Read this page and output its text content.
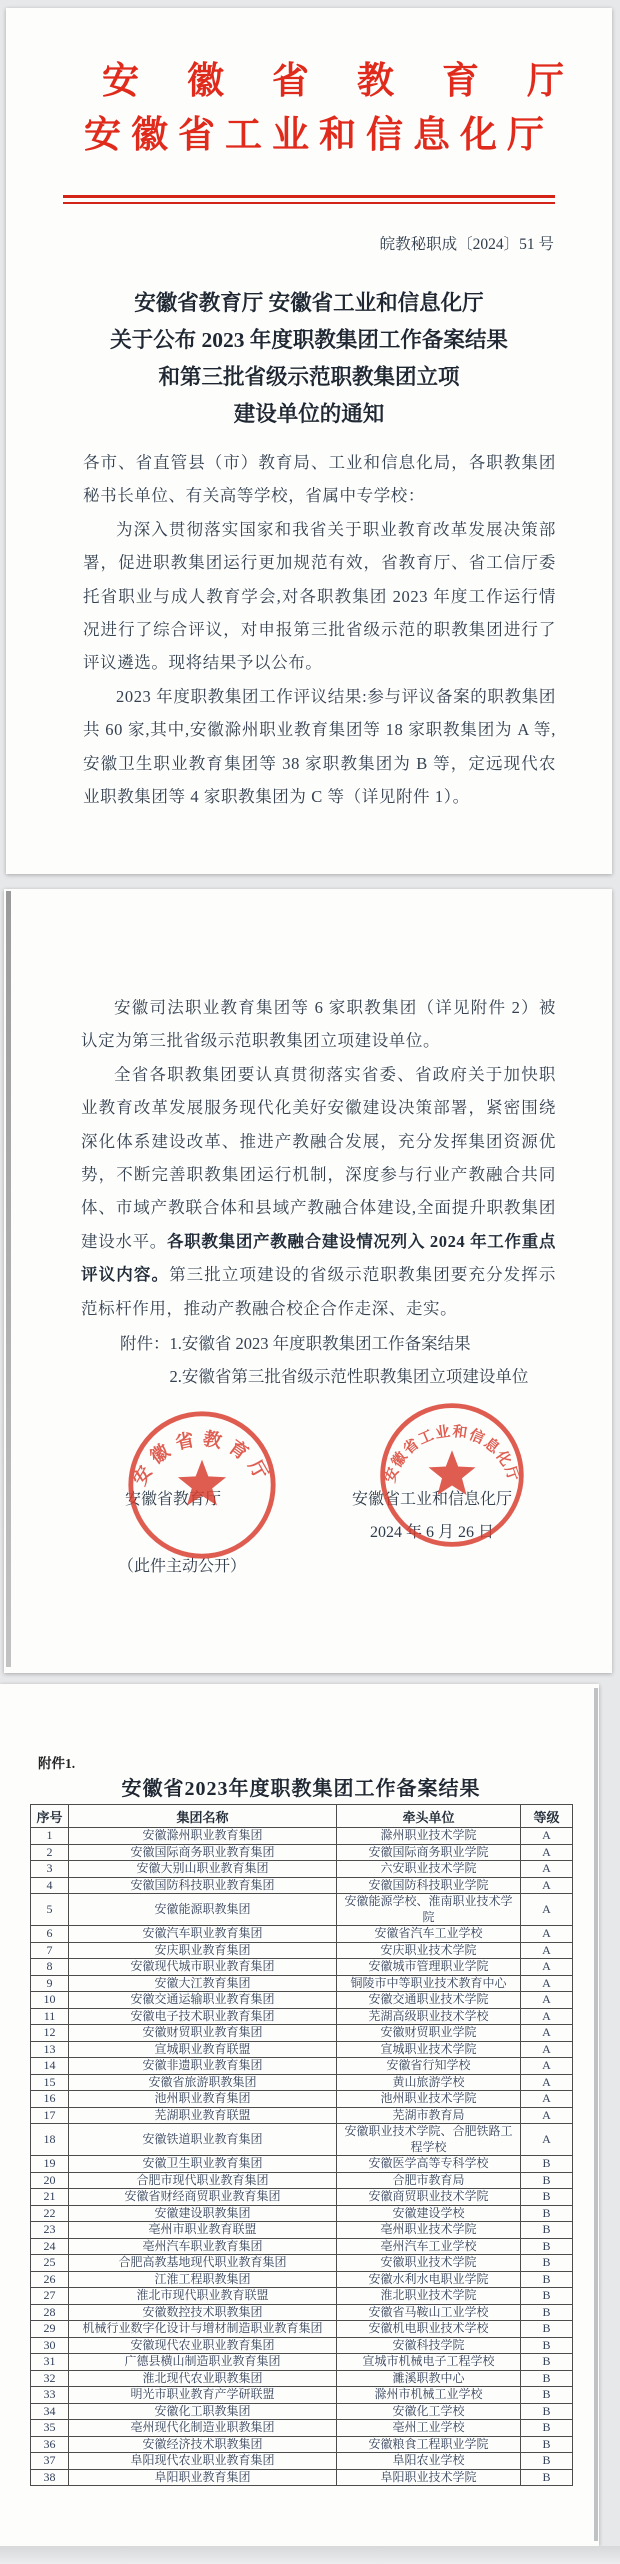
安徽省教育厅
安徽省工业和信息化厅
皖教秘职成〔2024〕51 号
安徽省教育厅 安徽省工业和信息化厅
关于公布 2023 年度职教集团工作备案结果
和第三批省级示范职教集团立项
建设单位的通知

各市、省直管县（市）教育局、工业和信息化局，各职教集团秘书长单位、有关高等学校，省属中专学校：

为深入贯彻落实国家和我省关于职业教育改革发展决策部署，促进职教集团运行更加规范有效，省教育厅、省工信厅委托省职业与成人教育学会,对各职教集团 2023 年度工作运行情况进行了综合评议，对申报第三批省级示范的职教集团进行了评议遴选。现将结果予以公布。

2023 年度职教集团工作评议结果:参与评议备案的职教集团共 60 家,其中,安徽滁州职业教育集团等 18 家职教集团为 A 等,安徽卫生职业教育集团等 38 家职教集团为 B 等，定远现代农业职教集团等 4 家职教集团为 C 等（详见附件 1）。

安徽司法职业教育集团等 6 家职教集团（详见附件 2）被认定为第三批省级示范职教集团立项建设单位。

全省各职教集团要认真贯彻落实省委、省政府关于加快职业教育改革发展服务现代化美好安徽建设决策部署，紧密围绕深化体系建设改革、推进产教融合发展，充分发挥集团资源优势，不断完善职教集团运行机制，深度参与行业产教融合共同体、市域产教联合体和县域产教融合体建设,全面提升职教集团建设水平。各职教集团产教融合建设情况列入 2024 年工作重点评议内容。第三批立项建设的省级示范职教集团要充分发挥示范标杆作用，推动产教融合校企合作走深、走实。

附件： 1.安徽省 2023 年度职教集团工作备案结果
2.安徽省第三批省级示范性职教集团立项建设单位
安徽省教育厅	安徽省工业和信息化厅
2024 年 6 月 26 日
（此件主动公开）
安徽省教育厅	安徽省工业和信息化厅
附件1.
安徽省2023年度职教集团工作备案结果
序号	集团名称	牵头单位	等级
1	安徽滁州职业教育集团	滁州职业技术学院	A
2	安徽国际商务职业教育集团	安徽国际商务职业学院	A
3	安徽大别山职业教育集团	六安职业技术学院	A
4	安徽国防科技职业教育集团	安徽国防科技职业学院	A
5	安徽能源职教集团	安徽能源学校、淮南职业技术学院	A
6	安徽汽车职业教育集团	安徽省汽车工业学校	A
7	安庆职业教育集团	安庆职业技术学院	A
8	安徽现代城市职业教育集团	安徽城市管理职业学院	A
9	安徽大江教育集团	铜陵市中等职业技术教育中心	A
10	安徽交通运输职业教育集团	安徽交通职业技术学院	A
11	安徽电子技术职业教育集团	芜湖高级职业技术学校	A
12	安徽财贸职业教育集团	安徽财贸职业学院	A
13	宣城职业教育联盟	宣城职业技术学院	A
14	安徽非遗职业教育集团	安徽省行知学校	A
15	安徽省旅游职教集团	黄山旅游学校	A
16	池州职业教育集团	池州职业技术学院	A
17	芜湖职业教育联盟	芜湖市教育局	A
18	安徽铁道职业教育集团	安徽职业技术学院、合肥铁路工程学校	A
19	安徽卫生职业教育集团	安徽医学高等专科学校	B
20	合肥市现代职业教育集团	合肥市教育局	B
21	安徽省财经商贸职业教育集团	安徽商贸职业技术学院	B
22	安徽建设职教集团	安徽建设学校	B
23	亳州市职业教育联盟	亳州职业技术学院	B
24	亳州汽车职业教育集团	亳州汽车工业学校	B
25	合肥高教基地现代职业教育集团	安徽职业技术学院	B
26	江淮工程职教集团	安徽水利水电职业学院	B
27	淮北市现代职业教育联盟	淮北职业技术学院	B
28	安徽数控技术职教集团	安徽省马鞍山工业学校	B
29	机械行业数字化设计与增材制造职业教育集团	安徽机电职业技术学校	B
30	安徽现代农业职业教育集团	安徽科技学院	B
31	广德县横山制造职业教育集团	宣城市机械电子工程学校	B
32	淮北现代农业职教集团	濉溪职教中心	B
33	明光市职业教育产学研联盟	滁州市机械工业学校	B
34	安徽化工职教集团	安徽化工学校	B
35	亳州现代化制造业职教集团	亳州工业学校	B
36	安徽经济技术职教集团	安徽粮食工程职业学院	B
37	阜阳现代农业职业教育集团	阜阳农业学校	B
38	阜阳职业教育集团	阜阳职业技术学院	B
